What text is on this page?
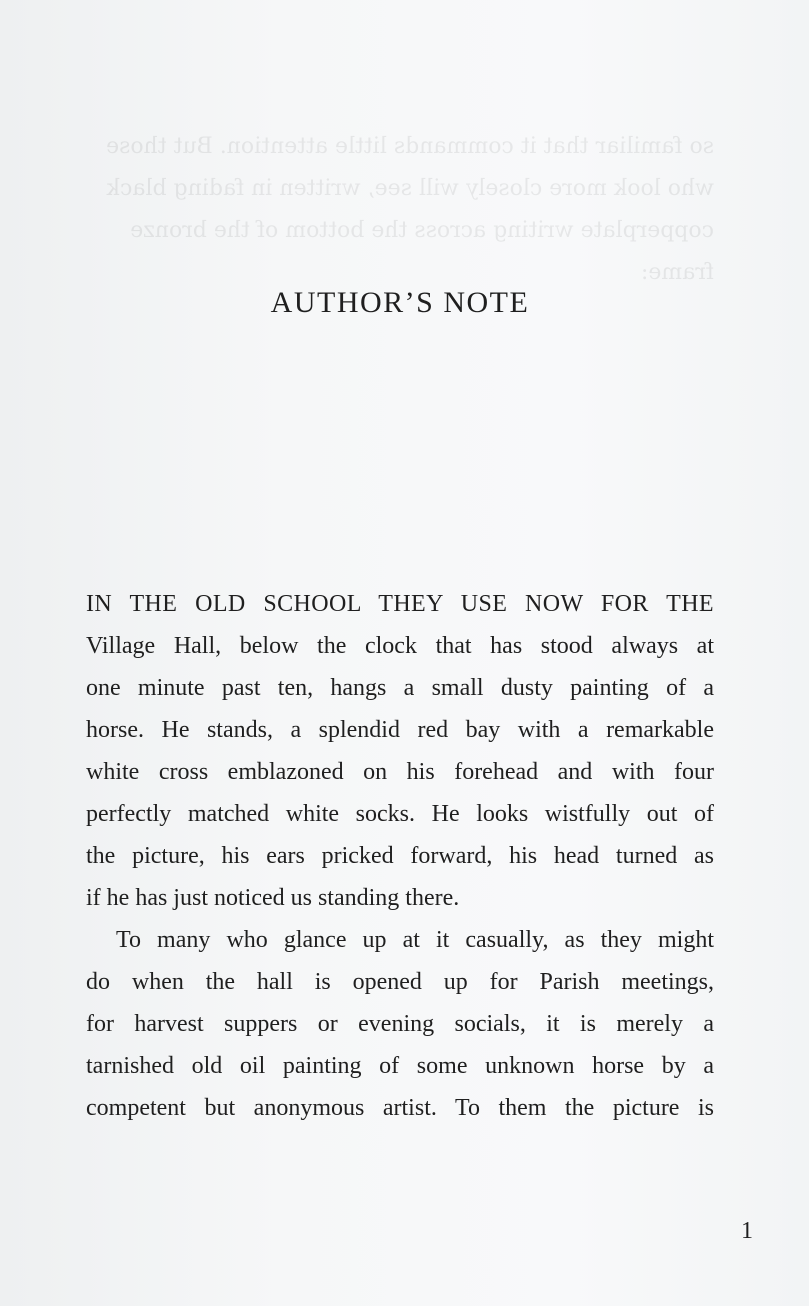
so familiar that it commands little attention. But those
who look more closely will see, written in fading black
copperplate writing across the bottom of the bronze
frame:
AUTHOR’S NOTE
IN THE OLD SCHOOL THEY USE NOW FOR THE
Village Hall, below the clock that has stood always at
one minute past ten, hangs a small dusty painting of a
horse. He stands, a splendid red bay with a remarkable
white cross emblazoned on his forehead and with four
perfectly matched white socks. He looks wistfully out of
the picture, his ears pricked forward, his head turned as
if he has just noticed us standing there.
To many who glance up at it casually, as they might
do when the hall is opened up for Parish meetings,
for harvest suppers or evening socials, it is merely a
tarnished old oil painting of some unknown horse by a
competent but anonymous artist. To them the picture is
1
